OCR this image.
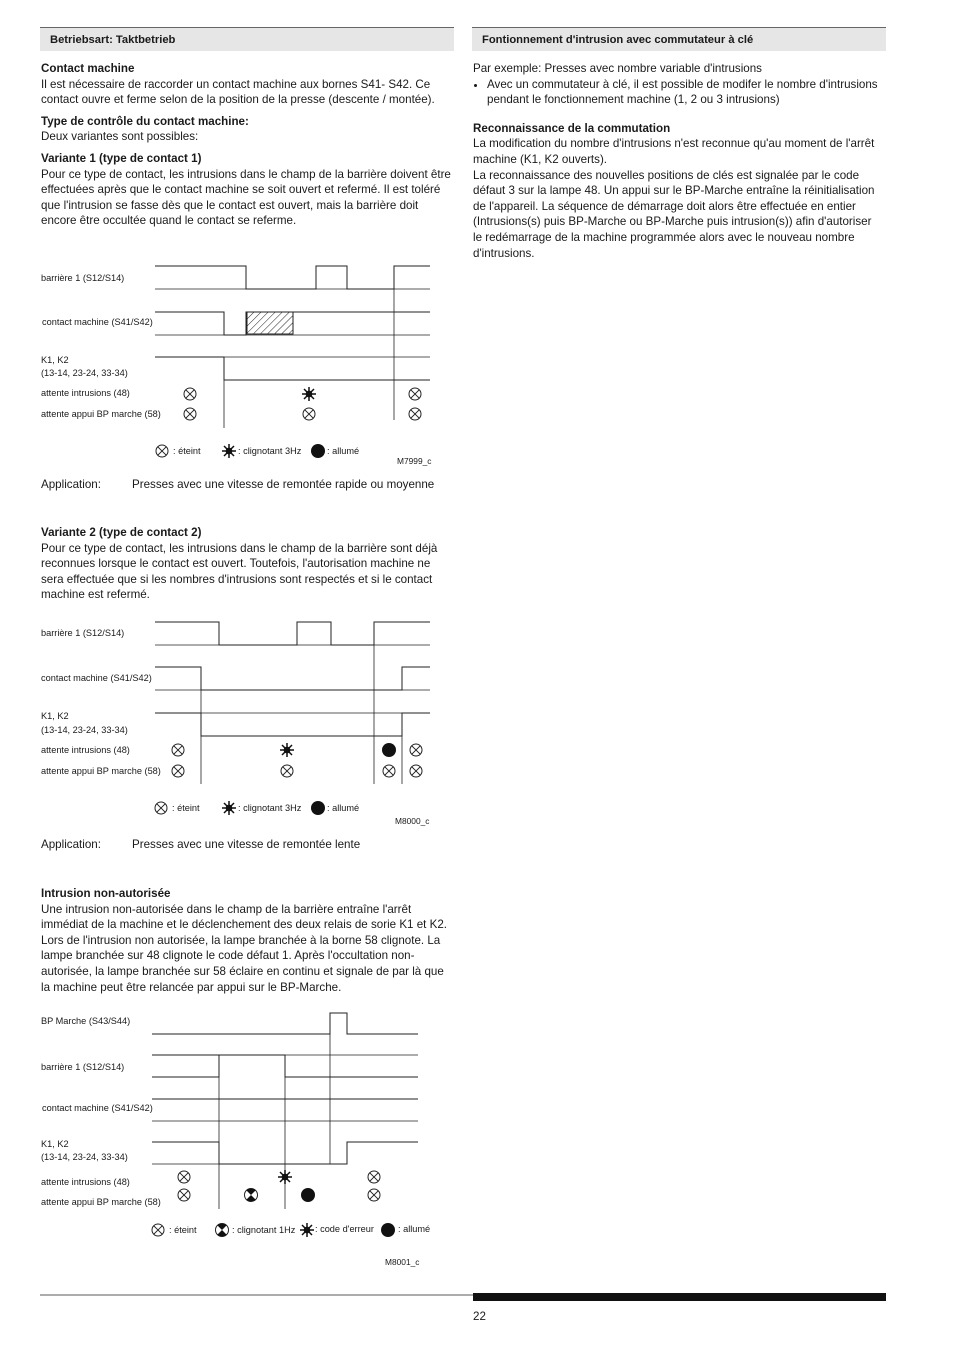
Betriebsart: Taktbetrieb

Contact machine

Il est nécessaire de raccorder un contact machine aux bornes S41- S42. Ce contact ouvre et ferme selon de la position de la presse (descente / montée).

Type de contrôle du contact machine:

Deux variantes sont possibles:

Variante 1 (type de contact 1)

Pour ce type de contact, les intrusions dans le champ de la barrière doivent être effectuées après que le contact machine se soit ouvert et refermé. Il est toléré que l'intrusion se fasse dès que le contact est ouvert, mais la barrière doit encore être occultée quand le contact se referme.

barrière 1 (S12/S14)
contact machine (S41/S42)
K1, K2
(13-14, 23-24, 33-34)
attente intrusions (48)
attente appui BP marche (58)
: éteint	: clignotant 3Hz	: allumé
M7999_c
barrière 1 (S12/S14)
contact machine (S41/S42)
K1, K2
(13-14, 23-24, 33-34)
attente intrusions (48)
attente appui BP marche (58)
: éteint	: clignotant 3Hz	: allumé
M8000_c
BP Marche (S43/S44)
barrière 1 (S12/S14)
contact machine (S41/S42)
K1, K2
(13-14, 23-24, 33-34)
attente intrusions (48)
attente appui BP marche (58)
: éteint	: clignotant 1Hz : code d'erreur	: allumé
M8001_c
Application:	Presses avec une vitesse de remontée rapide ou moyenne

Variante 2 (type de contact 2)

Pour ce type de contact, les intrusions dans le champ de la barrière sont déjà reconnues lorsque le contact est ouvert. Toutefois, l'autorisation machine ne sera effectuée que si les nombres d'intrusions sont respectés et si le contact machine est refermé.

Application:	Presses avec une vitesse de remontée lente

Intrusion non-autorisée

Une intrusion non-autorisée dans le champ de la barrière entraîne l'arrêt immédiat de la machine et le déclenchement des deux relais de sorie K1 et K2. Lors de l'intrusion non autorisée, la lampe branchée à la borne 58 clignote. La lampe branchée sur 48 clignote le code défaut 1. Après l'occultation non-autorisée, la lampe branchée sur 58 éclaire en continu et signale de par là que la machine peut être relancée par appui sur le BP-Marche.

Fontionnement d'intrusion avec commutateur à clé

Par exemple: Presses avec nombre variable d'intrusions

• Avec un commutateur à clé, il est possible de modifer le nombre d'intrusions pendant le fonctionnement machine (1, 2 ou 3 intrusions)

Reconnaissance de la commutation

La modification du nombre d'intrusions n'est reconnue qu'au moment de l'arrêt machine (K1, K2 ouverts).

La reconnaissance des nouvelles positions de clés est signalée par le code défaut 3 sur la lampe 48. Un appui sur le BP-Marche entraîne la réinitialisation de l'appareil. La séquence de démarrage doit alors être effectuée en entier (Intrusions(s) puis BP-Marche ou BP-Marche puis intrusion(s)) afin d'autoriser le redémarrage de la machine programmée alors avec le nouveau nombre d'intrusions.

22
